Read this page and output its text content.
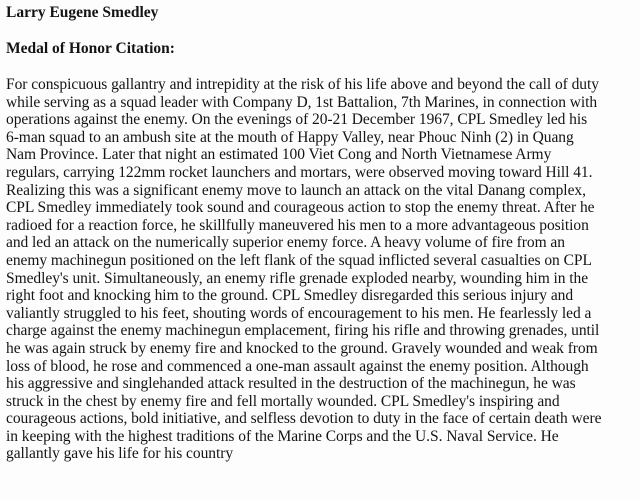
Larry Eugene Smedley
Medal of Honor Citation:
For conspicuous gallantry and intrepidity at the risk of his life above and beyond the call of duty
while serving as a squad leader with Company D, 1st Battalion, 7th Marines, in connection with
operations against the enemy. On the evenings of 20-21 December 1967, CPL Smedley led his
6-man squad to an ambush site at the mouth of Happy Valley, near Phouc Ninh (2) in Quang
Nam Province. Later that night an estimated 100 Viet Cong and North Vietnamese Army
regulars, carrying 122mm rocket launchers and mortars, were observed moving toward Hill 41.
Realizing this was a significant enemy move to launch an attack on the vital Danang complex,
CPL Smedley immediately took sound and courageous action to stop the enemy threat. After he
radioed for a reaction force, he skillfully maneuvered his men to a more advantageous position
and led an attack on the numerically superior enemy force. A heavy volume of fire from an
enemy machinegun positioned on the left flank of the squad inflicted several casualties on CPL
Smedley's unit. Simultaneously, an enemy rifle grenade exploded nearby, wounding him in the
right foot and knocking him to the ground. CPL Smedley disregarded this serious injury and
valiantly struggled to his feet, shouting words of encouragement to his men. He fearlessly led a
charge against the enemy machinegun emplacement, firing his rifle and throwing grenades, until
he was again struck by enemy fire and knocked to the ground. Gravely wounded and weak from
loss of blood, he rose and commenced a one-man assault against the enemy position. Although
his aggressive and singlehanded attack resulted in the destruction of the machinegun, he was
struck in the chest by enemy fire and fell mortally wounded. CPL Smedley's inspiring and
courageous actions, bold initiative, and selfless devotion to duty in the face of certain death were
in keeping with the highest traditions of the Marine Corps and the U.S. Naval Service. He
gallantly gave his life for his country
